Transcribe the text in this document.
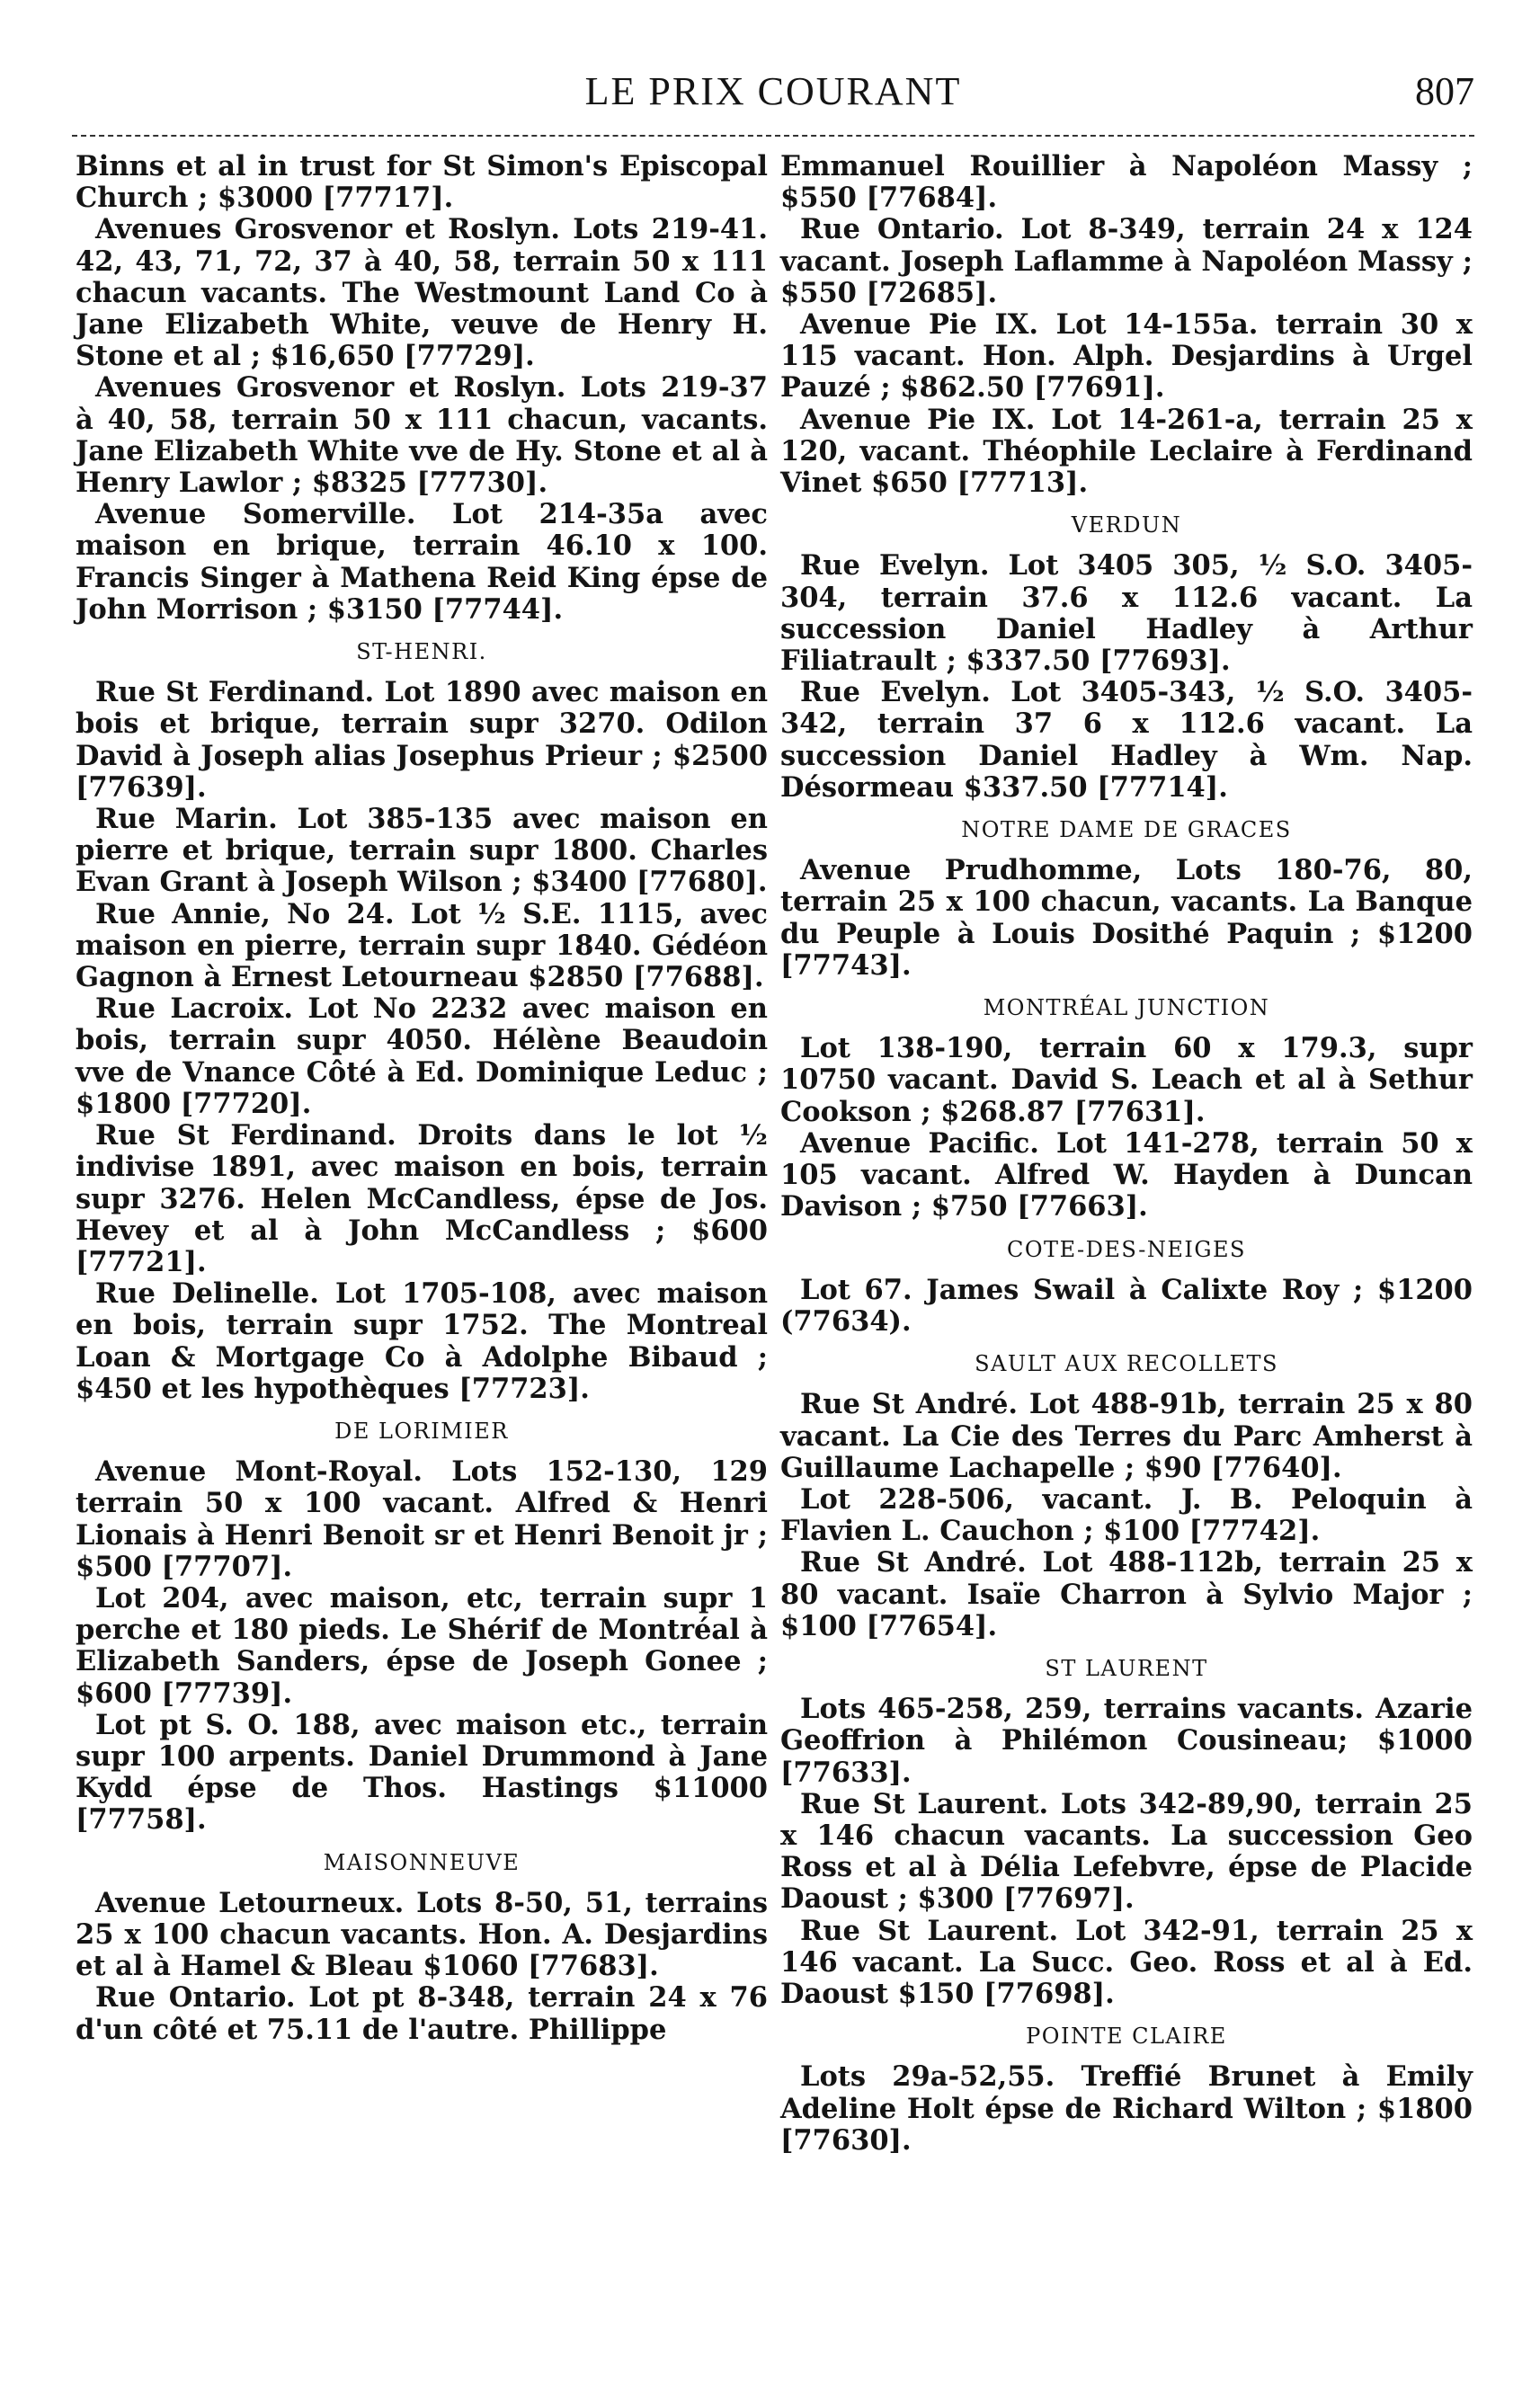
LE PRIX COURANT	807

Binns et al in trust for St Simon's Episcopal Church ; $3000 [77717].

Avenues Grosvenor et Roslyn. Lots 219-41. 42, 43, 71, 72, 37 à 40, 58, terrain 50 x 111 chacun vacants. The Westmount Land Co à Jane Elizabeth White, veuve de Henry H. Stone et al ; $16,650 [77729].

Avenues Grosvenor et Roslyn. Lots 219-37 à 40, 58, terrain 50 x 111 chacun, vacants. Jane Elizabeth White vve de Hy. Stone et al à Henry Lawlor ; $8325 [77730].

Avenue Somerville. Lot 214-35a avec maison en brique, terrain 46.10 x 100. Francis Singer à Mathena Reid King épse de John Morrison ; $3150 [77744].

ST-HENRI.

Rue St Ferdinand. Lot 1890 avec maison en bois et brique, terrain supr 3270. Odilon David à Joseph alias Josephus Prieur ; $2500 [77639].

Rue Marin. Lot 385-135 avec maison en pierre et brique, terrain supr 1800. Charles Evan Grant à Joseph Wilson ; $3400 [77680].

Rue Annie, No 24. Lot ½ S.E. 1115, avec maison en pierre, terrain supr 1840. Gédéon Gagnon à Ernest Letourneau $2850 [77688].

Rue Lacroix. Lot No 2232 avec maison en bois, terrain supr 4050. Hélène Beaudoin vve de Vnance Côté à Ed. Dominique Leduc ; $1800 [77720].

Rue St Ferdinand. Droits dans le lot ½ indivise 1891, avec maison en bois, terrain supr 3276. Helen McCandless, épse de Jos. Hevey et al à John McCandless ; $600 [77721].

Rue Delinelle. Lot 1705-108, avec maison en bois, terrain supr 1752. The Montreal Loan & Mortgage Co à Adolphe Bibaud ; $450 et les hypothèques [77723].

DE LORIMIER

Avenue Mont-Royal. Lots 152-130, 129 terrain 50 x 100 vacant. Alfred & Henri Lionais à Henri Benoit sr et Henri Benoit jr ; $500 [77707].

Lot 204, avec maison, etc, terrain supr 1 perche et 180 pieds. Le Shérif de Montréal à Elizabeth Sanders, épse de Joseph Gonee ; $600 [77739].

Lot pt S. O. 188, avec maison etc., terrain supr 100 arpents. Daniel Drummond à Jane Kydd épse de Thos. Hastings $11000 [77758].

MAISONNEUVE

Avenue Letourneux. Lots 8-50, 51, terrains 25 x 100 chacun vacants. Hon. A. Desjardins et al à Hamel & Bleau $1060 [77683].

Rue Ontario. Lot pt 8-348, terrain 24 x 76 d'un côté et 75.11 de l'autre. Phillippe

Emmanuel Rouillier à Napoléon Massy ; $550 [77684].

Rue Ontario. Lot 8-349, terrain 24 x 124 vacant. Joseph Laflamme à Napoléon Massy ; $550 [72685].

Avenue Pie IX. Lot 14-155a. terrain 30 x 115 vacant. Hon. Alph. Desjardins à Urgel Pauzé ; $862.50 [77691].

Avenue Pie IX. Lot 14-261-a, terrain 25 x 120, vacant. Théophile Leclaire à Ferdinand Vinet $650 [77713].

VERDUN

Rue Evelyn. Lot 3405 305, ½ S.O. 3405-304, terrain 37.6 x 112.6 vacant. La succession Daniel Hadley à Arthur Filiatrault ; $337.50 [77693].

Rue Evelyn. Lot 3405-343, ½ S.O. 3405-342, terrain 37 6 x 112.6 vacant. La succession Daniel Hadley à Wm. Nap. Désormeau $337.50 [77714].

NOTRE DAME DE GRACES

Avenue Prudhomme, Lots 180-76, 80, terrain 25 x 100 chacun, vacants. La Banque du Peuple à Louis Dosithé Paquin ; $1200 [77743].

MONTRÉAL JUNCTION

Lot 138-190, terrain 60 x 179.3, supr 10750 vacant. David S. Leach et al à Sethur Cookson ; $268.87 [77631].

Avenue Pacific. Lot 141-278, terrain 50 x 105 vacant. Alfred W. Hayden à Duncan Davison ; $750 [77663].

COTE-DES-NEIGES

Lot 67. James Swail à Calixte Roy ; $1200 (77634).

SAULT AUX RECOLLETS

Rue St André. Lot 488-91b, terrain 25 x 80 vacant. La Cie des Terres du Parc Amherst à Guillaume Lachapelle ; $90 [77640].

Lot 228-506, vacant. J. B. Peloquin à Flavien L. Cauchon ; $100 [77742].

Rue St André. Lot 488-112b, terrain 25 x 80 vacant. Isaïe Charron à Sylvio Major ; $100 [77654].

ST LAURENT

Lots 465-258, 259, terrains vacants. Azarie Geoffrion à Philémon Cousineau; $1000 [77633].

Rue St Laurent. Lots 342-89,90, terrain 25 x 146 chacun vacants. La succession Geo Ross et al à Délia Lefebvre, épse de Placide Daoust ; $300 [77697].

Rue St Laurent. Lot 342-91, terrain 25 x 146 vacant. La Succ. Geo. Ross et al à Ed. Daoust $150 [77698].

POINTE CLAIRE

Lots 29a-52,55. Treffié Brunet à Emily Adeline Holt épse de Richard Wilton ; $1800 [77630].
